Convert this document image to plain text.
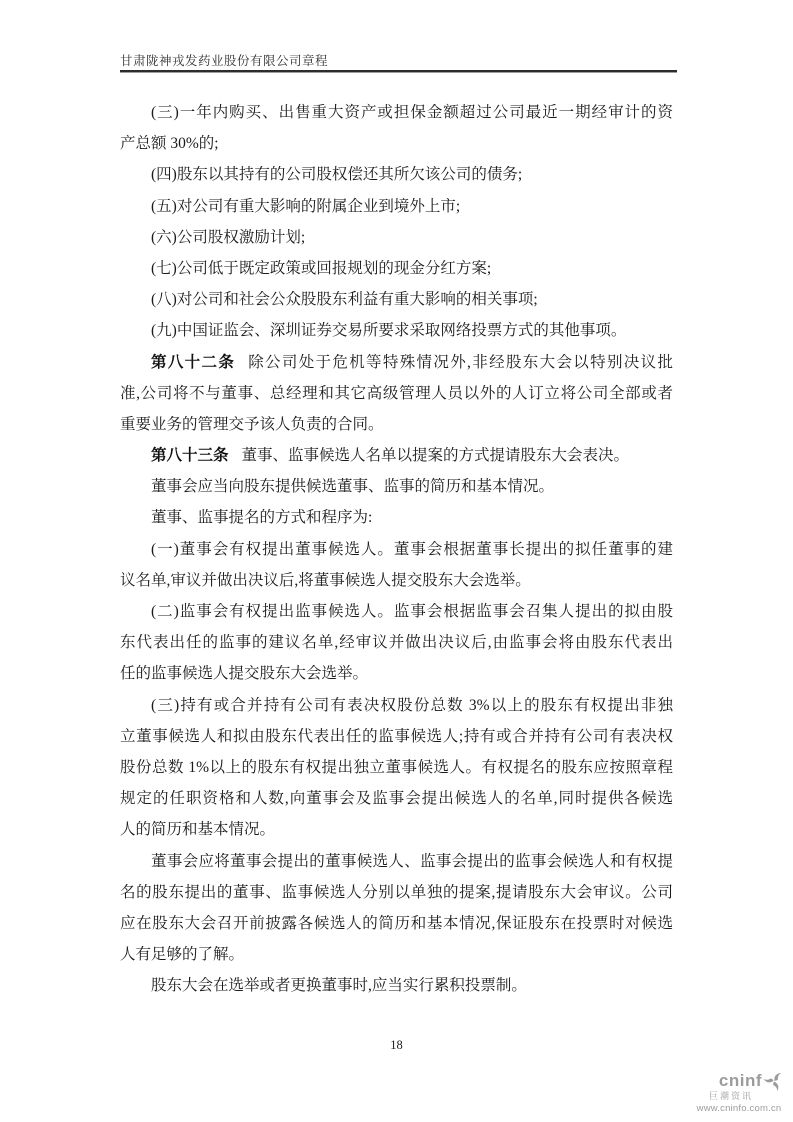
甘肃陇神戎发药业股份有限公司章程
(三)一年内购买、出售重大资产或担保金额超过公司最近一期经审计的资
产总额 30%的;
(四)股东以其持有的公司股权偿还其所欠该公司的债务;
(五)对公司有重大影响的附属企业到境外上市;
(六)公司股权激励计划;
(七)公司低于既定政策或回报规划的现金分红方案;
(八)对公司和社会公众股股东利益有重大影响的相关事项;
(九)中国证监会、深圳证券交易所要求采取网络投票方式的其他事项。
第八十二条 除公司处于危机等特殊情况外,非经股东大会以特别决议批
准,公司将不与董事、总经理和其它高级管理人员以外的人订立将公司全部或者
重要业务的管理交予该人负责的合同。
第八十三条 董事、监事候选人名单以提案的方式提请股东大会表决。
董事会应当向股东提供候选董事、监事的简历和基本情况。
董事、监事提名的方式和程序为:
(一)董事会有权提出董事候选人。董事会根据董事长提出的拟任董事的建
议名单,审议并做出决议后,将董事候选人提交股东大会选举。
(二)监事会有权提出监事候选人。监事会根据监事会召集人提出的拟由股
东代表出任的监事的建议名单,经审议并做出决议后,由监事会将由股东代表出
任的监事候选人提交股东大会选举。
(三)持有或合并持有公司有表决权股份总数 3%以上的股东有权提出非独
立董事候选人和拟由股东代表出任的监事候选人;持有或合并持有公司有表决权
股份总数 1%以上的股东有权提出独立董事候选人。有权提名的股东应按照章程
规定的任职资格和人数,向董事会及监事会提出候选人的名单,同时提供各候选
人的简历和基本情况。
董事会应将董事会提出的董事候选人、监事会提出的监事会候选人和有权提
名的股东提出的董事、监事候选人分别以单独的提案,提请股东大会审议。公司
应在股东大会召开前披露各候选人的简历和基本情况,保证股东在投票时对候选
人有足够的了解。
股东大会在选举或者更换董事时,应当实行累积投票制。
18
cninf
巨潮资讯
www.cninfo.com.cn
